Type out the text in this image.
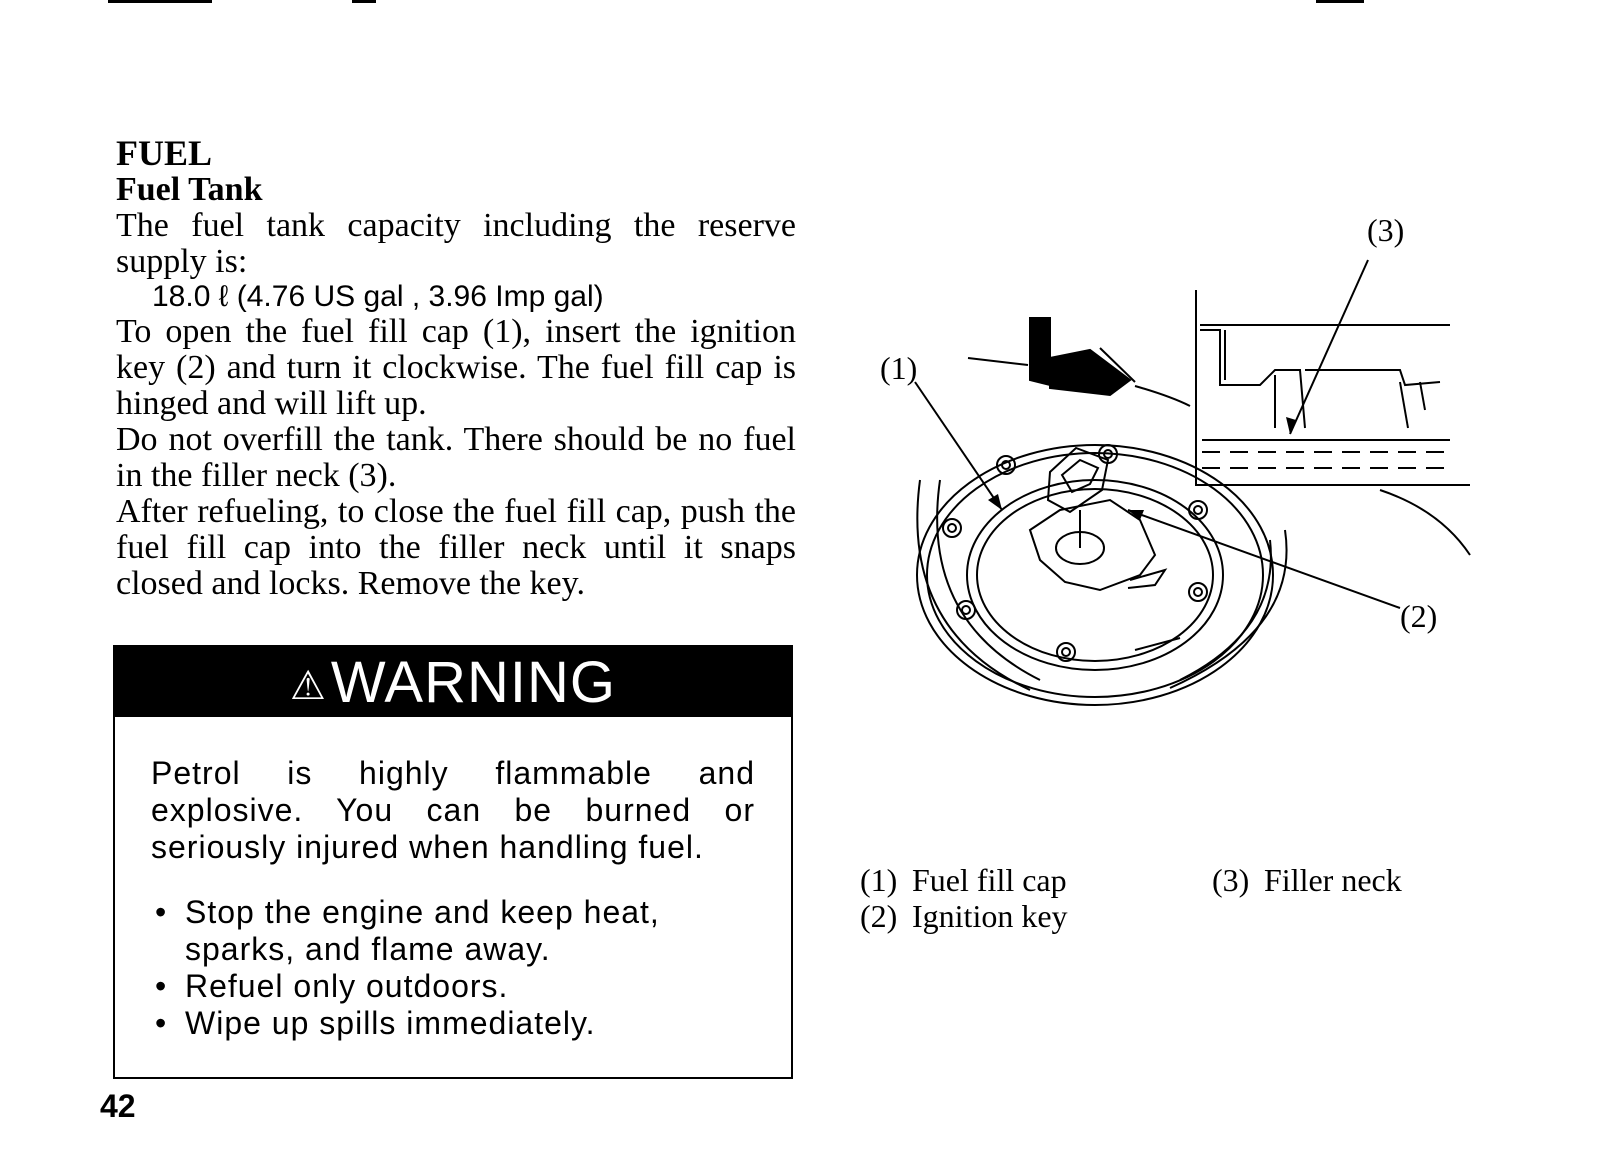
FUEL
Fuel Tank
The fuel tank capacity including the reserve supply is:
18.0 ℓ (4.76 US gal , 3.96 Imp gal)
To open the fuel fill cap (1), insert the ignition key (2) and turn it clockwise. The fuel fill cap is hinged and will lift up.
Do not overfill the tank. There should be no fuel in the filler neck (3).
After refueling, to close the fuel fill cap, push the fuel fill cap into the filler neck until it snaps closed and locks. Remove the key.
⚠ WARNING
Petrol is highly flammable and explosive. You can be burned or seriously injured when handling fuel.
• Stop the engine and keep heat, sparks, and flame away.
• Refuel only outdoors.
• Wipe up spills immediately.
42
(1)
(3)
(2)
(1) Fuel fill cap
(2) Ignition key
(3) Filler neck
